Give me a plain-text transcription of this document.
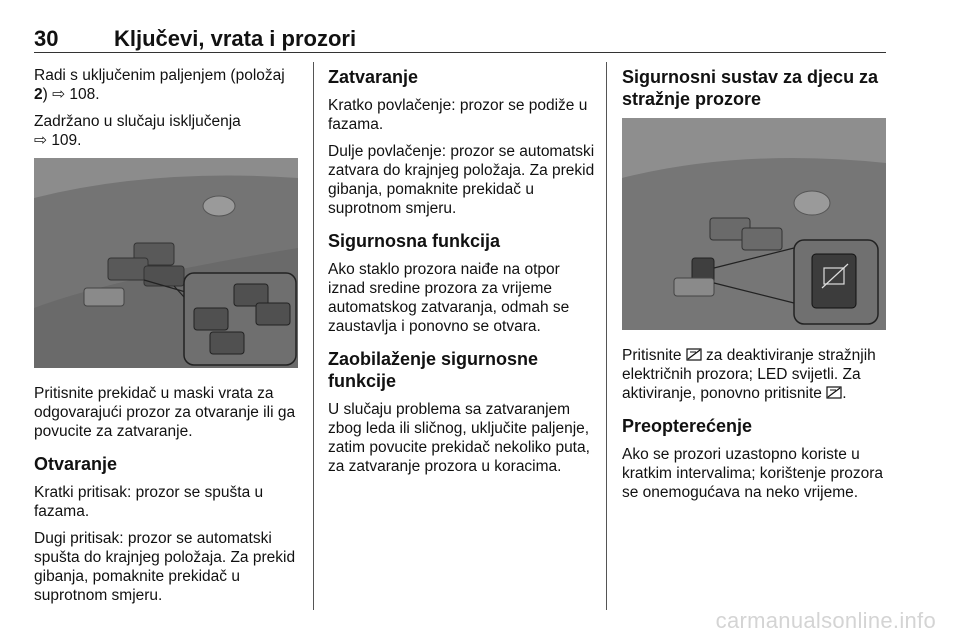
30	Ključevi, vrata i prozori

Radi s uključenim paljenjem (položaj 2) ⇨ 108.

Zadržano u slučaju isključenja
⇨ 109.

Pritisnite prekidač u maski vrata za odgovarajući prozor za otvaranje ili ga povucite za zatvaranje.

Otvaranje

Kratki pritisak: prozor se spušta u fazama.

Dugi pritisak: prozor se automatski spušta do krajnjeg položaja. Za prekid gibanja, pomaknite prekidač u suprotnom smjeru.

Zatvaranje

Kratko povlačenje: prozor se podiže u fazama.

Dulje povlačenje: prozor se automatski zatvara do krajnjeg položaja. Za prekid gibanja, pomaknite prekidač u suprotnom smjeru.

Sigurnosna funkcija

Ako staklo prozora naiđe na otpor iznad sredine prozora za vrijeme automatskog zatvaranja, odmah se zaustavlja i ponovno se otvara.

Zaobilaženje sigurnosne funkcije

U slučaju problema sa zatvaranjem zbog leda ili sličnog, uključite paljenje, zatim povucite prekidač nekoliko puta, za zatvaranje prozora u koracima.

Sigurnosni sustav za djecu za stražnje prozore

Pritisnite  za deaktiviranje stražnjih električnih prozora; LED svijetli. Za aktiviranje, ponovno pritisnite .

Preopterećenje

Ako se prozori uzastopno koriste u kratkim intervalima; korištenje prozora se onemogućava na neko vrijeme.

carmanualsonline.info
